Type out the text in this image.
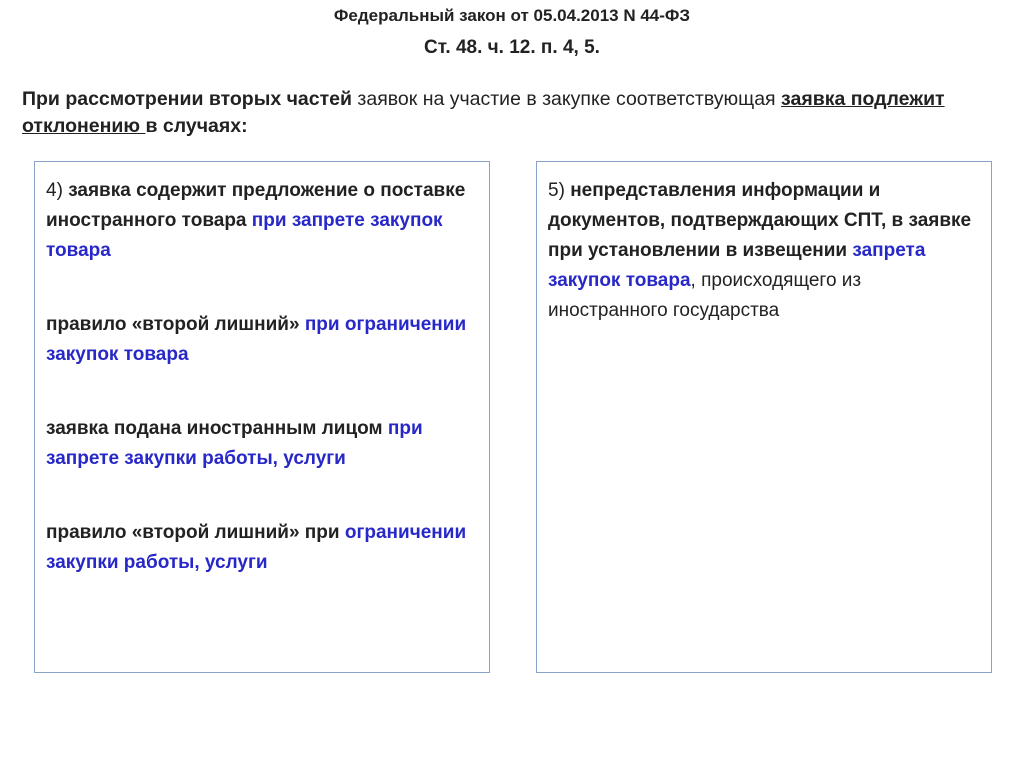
Федеральный закон от 05.04.2013 N 44-ФЗ
Ст. 48. ч. 12. п. 4, 5.
При рассмотрении вторых частей заявок на участие в закупке соответствующая заявка подлежит отклонению в случаях:
4) заявка содержит предложение о поставке иностранного товара при запрете закупок товара
правило «второй лишний» при ограничении закупок товара
заявка подана иностранным лицом при запрете закупки работы, услуги
правило «второй лишний» при ограничении закупки работы, услуги
5) непредставления информации и документов, подтверждающих СПТ, в заявке при установлении в извещении запрета закупок товара, происходящего из иностранного государства
